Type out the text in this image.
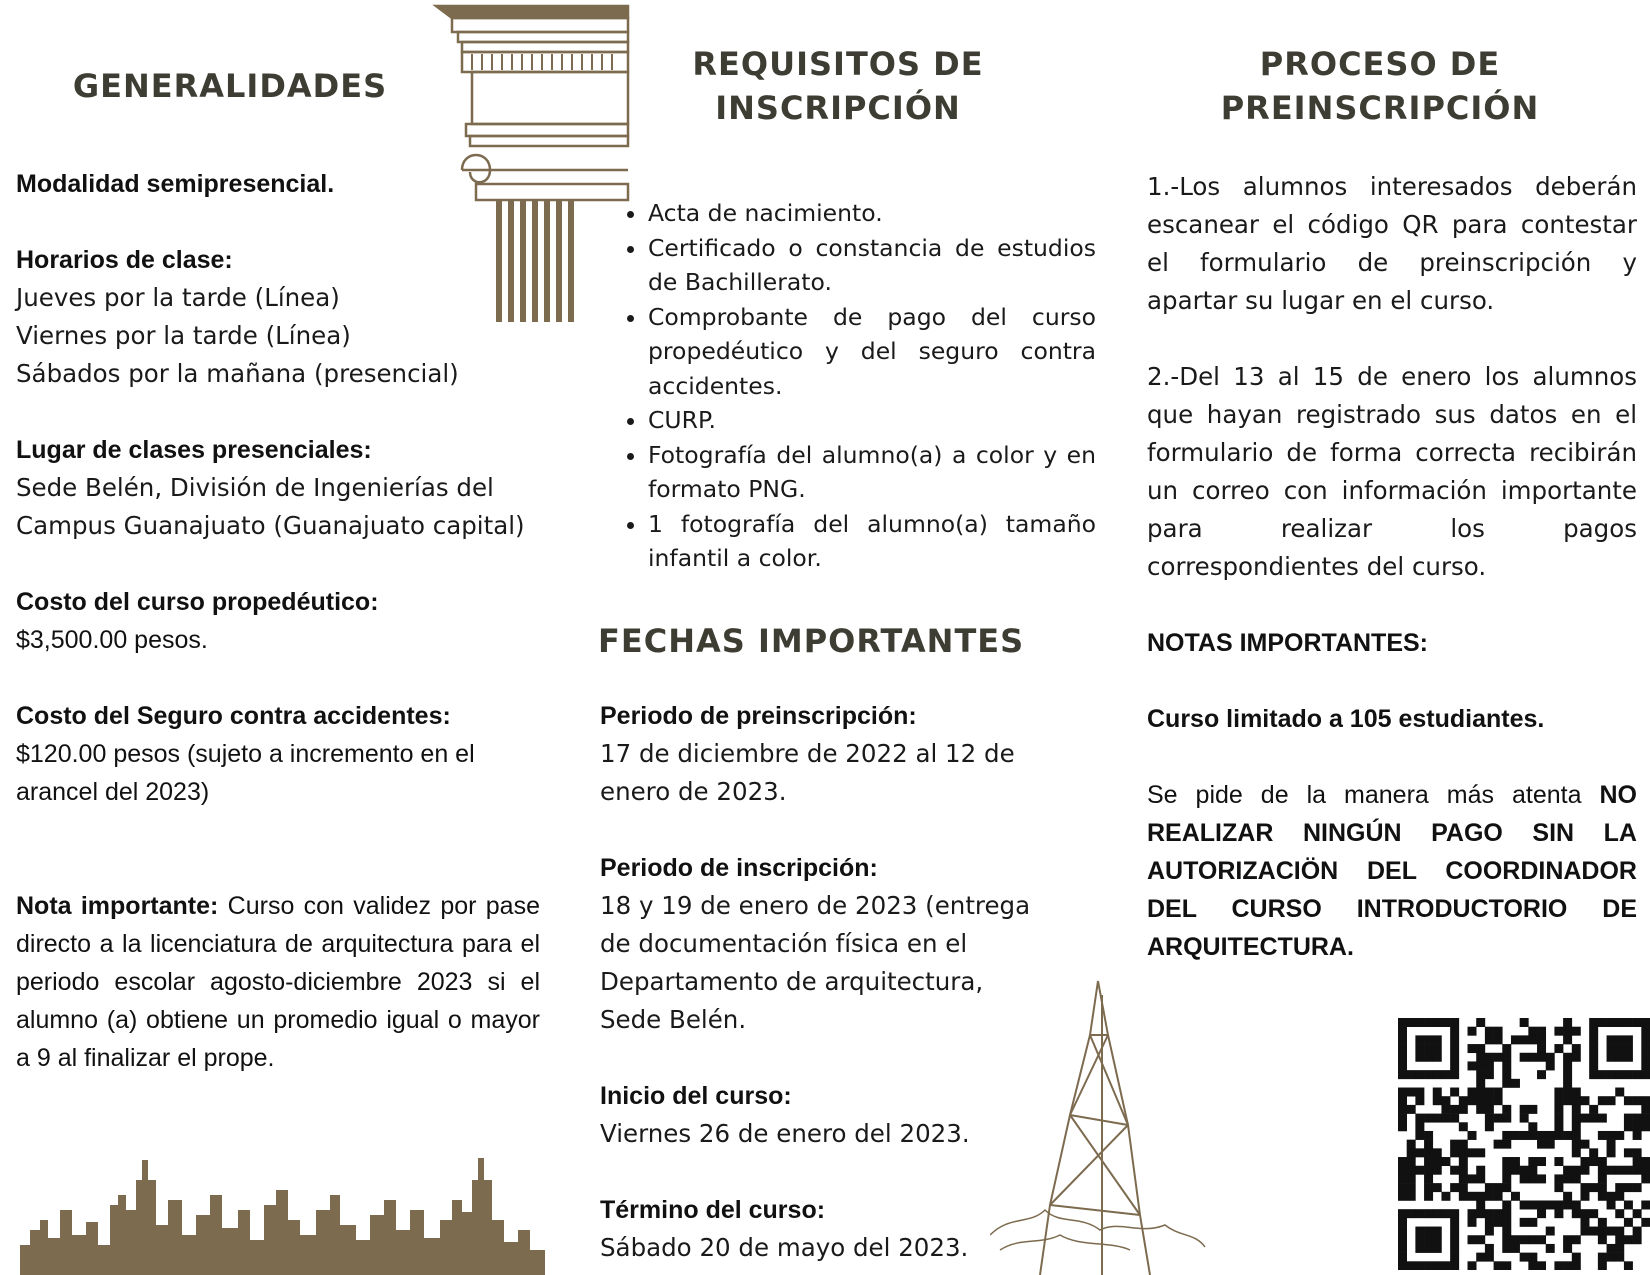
GENERALIDADES
Modalidad semipresencial.
Horarios de clase:
Jueves por la tarde (Línea)
Viernes por la tarde (Línea)
Sábados por la mañana (presencial)
Lugar de clases presenciales:
Sede Belén, División de Ingenierías del Campus Guanajuato (Guanajuato capital)
Costo del curso propedéutico:
$3,500.00 pesos.
Costo del Seguro contra accidentes:
$120.00 pesos (sujeto a incremento en el arancel del 2023)
Nota importante: Curso con validez por pase directo a la licenciatura de arquitectura para el periodo escolar agosto-diciembre 2023 si el alumno (a) obtiene un promedio igual o mayor a 9 al finalizar el prope.
REQUISITOS DE
INSCRIPCIÓN
• Acta de nacimiento.
• Certificado o constancia de estudios de Bachillerato.
• Comprobante de pago del curso propedéutico y del seguro contra accidentes.
• CURP.
• Fotografía del alumno(a) a color y en formato PNG.
• 1 fotografía del alumno(a) tamaño infantil a color.
FECHAS IMPORTANTES
Periodo de preinscripción:
17 de diciembre de 2022 al 12 de enero de 2023.
Periodo de inscripción:
18 y 19 de enero de 2023 (entrega de documentación física en el Departamento de arquitectura, Sede Belén.
Inicio del curso:
Viernes 26 de enero del 2023.
Término del curso:
Sábado 20 de mayo del 2023.
PROCESO DE
PREINSCRIPCIÓN
1.-Los alumnos interesados deberán escanear el código QR para contestar el formulario de preinscripción y apartar su lugar en el curso.
2.-Del 13 al 15 de enero los alumnos que hayan registrado sus datos en el formulario de forma correcta recibirán un correo con información importante para realizar los pagos correspondientes del curso.
NOTAS IMPORTANTES:
Curso limitado a 105 estudiantes.
Se pide de la manera más atenta NO REALIZAR NINGÚN PAGO SIN LA AUTORIZACIÖN DEL COORDINADOR DEL CURSO INTRODUCTORIO DE ARQUITECTURA.
